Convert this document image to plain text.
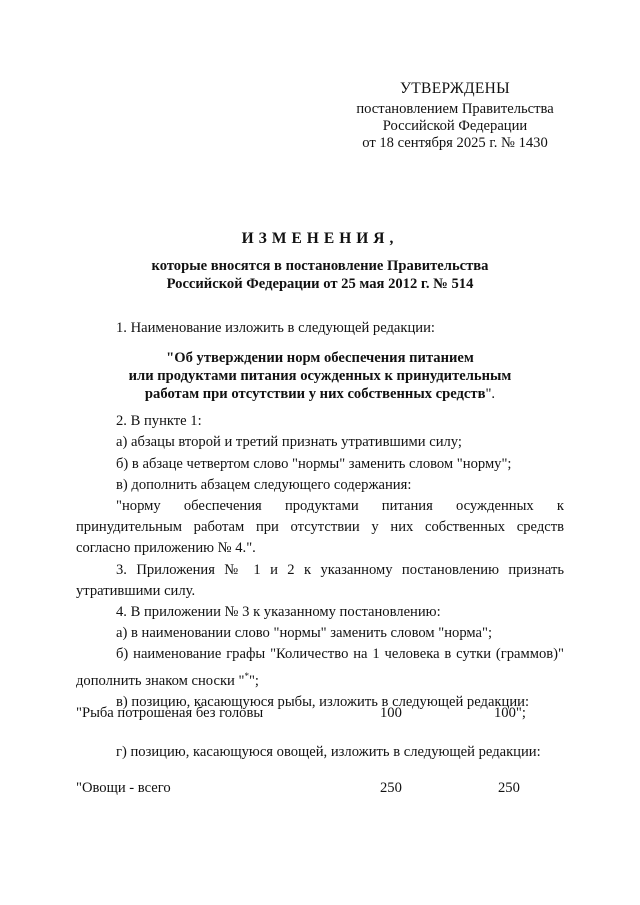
УТВЕРЖДЕНЫ
постановлением Правительства
Российской Федерации
от 18 сентября 2025 г. № 1430
ИЗМЕНЕНИЯ,
которые вносятся в постановление Правительства
Российской Федерации от 25 мая 2012 г. № 514

1. Наименование изложить в следующей редакции:

"Об утверждении норм обеспечения питанием
или продуктами питания осужденных к принудительным
работам при отсутствии у них собственных средств".

2. В пункте 1:

а) абзацы второй и третий признать утратившими силу;

б) в абзаце четвертом слово "нормы" заменить словом "норму";

в) дополнить абзацем следующего содержания:

"норму обеспечения продуктами питания осужденных к принудительным работам при отсутствии у них собственных средств согласно приложению № 4.".

3. Приложения № 1 и 2 к указанному постановлению признать утратившими силу.

4. В приложении № 3 к указанному постановлению:

а) в наименовании слово "нормы" заменить словом "норма";

б) наименование графы "Количество на 1 человека в сутки (граммов)" дополнить знаком сноски "*";

в) позицию, касающуюся рыбы, изложить в следующей редакции:

"Рыба потрошеная без головы	100	100";

г) позицию, касающуюся овощей, изложить в следующей редакции:

"Овощи - всего	250	250
